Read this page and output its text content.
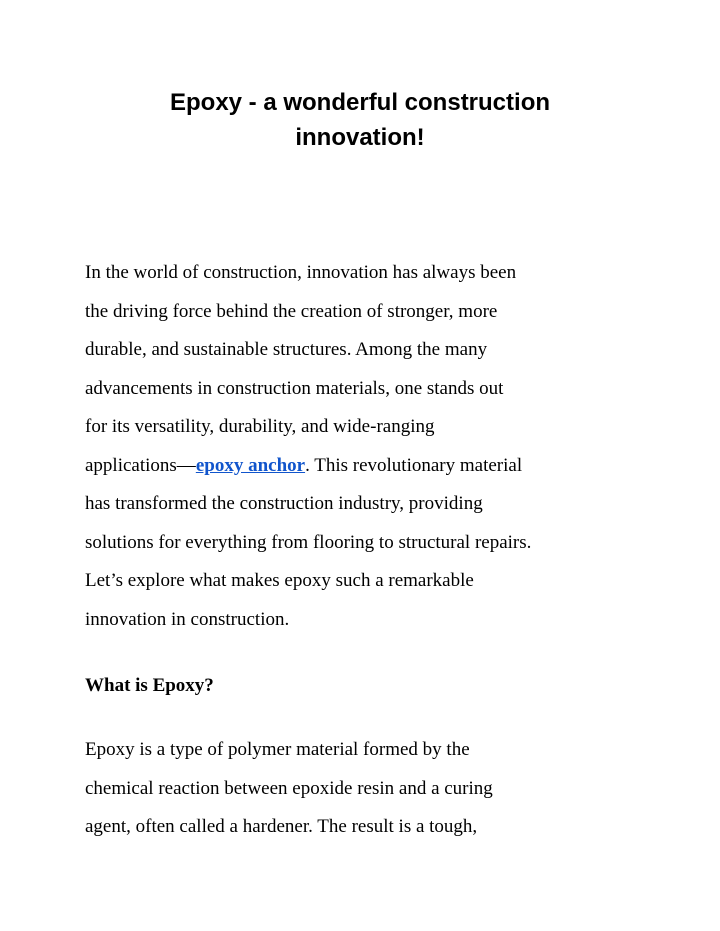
Epoxy - a wonderful construction
innovation!

In the world of construction, innovation has always been
the driving force behind the creation of stronger, more
durable, and sustainable structures. Among the many
advancements in construction materials, one stands out
for its versatility, durability, and wide-ranging
applications—epoxy anchor. This revolutionary material
has transformed the construction industry, providing
solutions for everything from flooring to structural repairs.
Let’s explore what makes epoxy such a remarkable
innovation in construction.

What is Epoxy?

Epoxy is a type of polymer material formed by the
chemical reaction between epoxide resin and a curing
agent, often called a hardener. The result is a tough,
